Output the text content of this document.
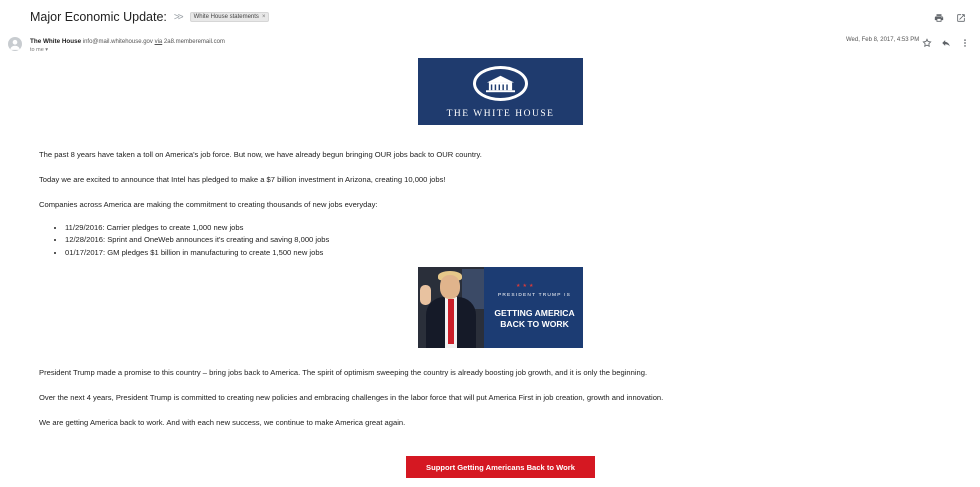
Major Economic Update: >> White House statements ×
The White House info@mail.whitehouse.gov via 2a8.memberemail.com
to me ▾
Wed, Feb 8, 2017, 4:53 PM
THE WHITE HOUSE
The past 8 years have taken a toll on America's job force. But now, we have already begun bringing OUR jobs back to OUR country.
Today we are excited to announce that Intel has pledged to make a $7 billion investment in Arizona, creating 10,000 jobs!
Companies across America are making the commitment to creating thousands of new jobs everyday:
• 11/29/2016: Carrier pledges to create 1,000 new jobs
• 12/28/2016: Sprint and OneWeb announces it's creating and saving 8,000 jobs
• 01/17/2017: GM pledges $1 billion in manufacturing to create 1,500 new jobs
★★★
PRESIDENT TRUMP IS
GETTING AMERICA
BACK TO WORK
President Trump made a promise to this country – bring jobs back to America. The spirit of optimism sweeping the country is already boosting job growth, and it is only the beginning.
Over the next 4 years, President Trump is committed to creating new policies and embracing challenges in the labor force that will put America First in job creation, growth and innovation.
We are getting America back to work. And with each new success, we continue to make America great again.
Support Getting Americans Back to Work
